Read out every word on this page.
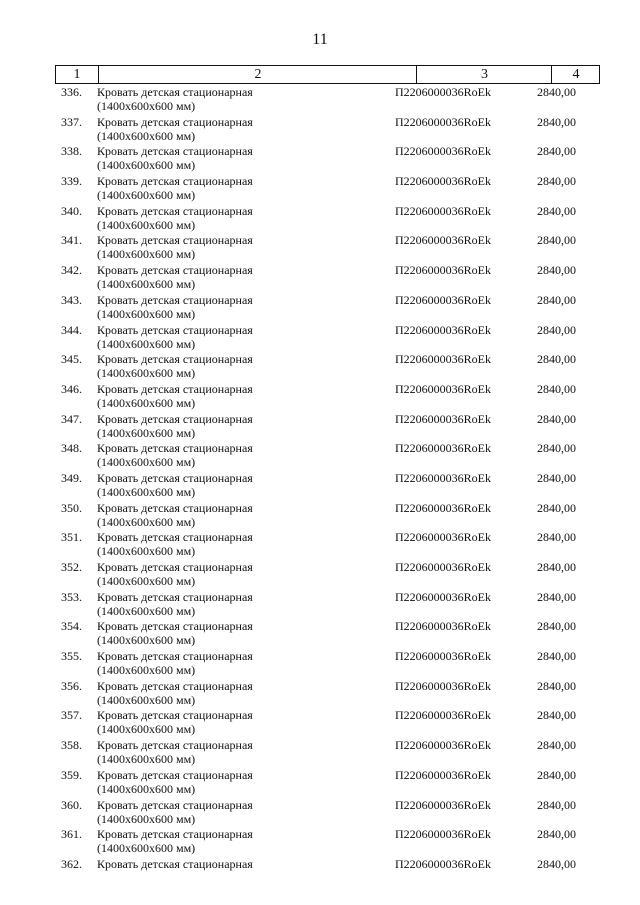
11
1	2	3	4
336. Кровать детская стационарная
(1400x600x600 мм)
П2206000036RoEk	2840,00
337. Кровать детская стационарная
(1400x600x600 мм)
П2206000036RoEk	2840,00
338. Кровать детская стационарная
(1400x600x600 мм)
П2206000036RoEk	2840,00
339. Кровать детская стационарная
(1400x600x600 мм)
П2206000036RoEk	2840,00
340. Кровать детская стационарная
(1400x600x600 мм)
П2206000036RoEk	2840,00
341. Кровать детская стационарная
(1400x600x600 мм)
П2206000036RoEk	2840,00
342. Кровать детская стационарная
(1400x600x600 мм)
П2206000036RoEk	2840,00
343. Кровать детская стационарная
(1400x600x600 мм)
П2206000036RoEk	2840,00
344. Кровать детская стационарная
(1400x600x600 мм)
П2206000036RoEk	2840,00
345. Кровать детская стационарная
(1400x600x600 мм)
П2206000036RoEk	2840,00
346. Кровать детская стационарная
(1400x600x600 мм)
П2206000036RoEk	2840,00
347. Кровать детская стационарная
(1400x600x600 мм)
П2206000036RoEk	2840,00
348. Кровать детская стационарная
(1400x600x600 мм)
П2206000036RoEk	2840,00
349. Кровать детская стационарная
(1400x600x600 мм)
П2206000036RoEk	2840,00
350. Кровать детская стационарная
(1400x600x600 мм)
П2206000036RoEk	2840,00
351. Кровать детская стационарная
(1400x600x600 мм)
П2206000036RoEk	2840,00
352. Кровать детская стационарная
(1400x600x600 мм)
П2206000036RoEk	2840,00
353. Кровать детская стационарная
(1400x600x600 мм)
П2206000036RoEk	2840,00
354. Кровать детская стационарная
(1400x600x600 мм)
П2206000036RoEk	2840,00
355. Кровать детская стационарная
(1400x600x600 мм)
П2206000036RoEk	2840,00
356. Кровать детская стационарная
(1400x600x600 мм)
П2206000036RoEk	2840,00
357. Кровать детская стационарная
(1400x600x600 мм)
П2206000036RoEk	2840,00
358. Кровать детская стационарная
(1400x600x600 мм)
П2206000036RoEk	2840,00
359. Кровать детская стационарная
(1400x600x600 мм)
П2206000036RoEk	2840,00
360. Кровать детская стационарная
(1400x600x600 мм)
П2206000036RoEk	2840,00
361. Кровать детская стационарная
(1400x600x600 мм)
П2206000036RoEk	2840,00
362. Кровать детская стационарная	П2206000036RoEk	2840,00
